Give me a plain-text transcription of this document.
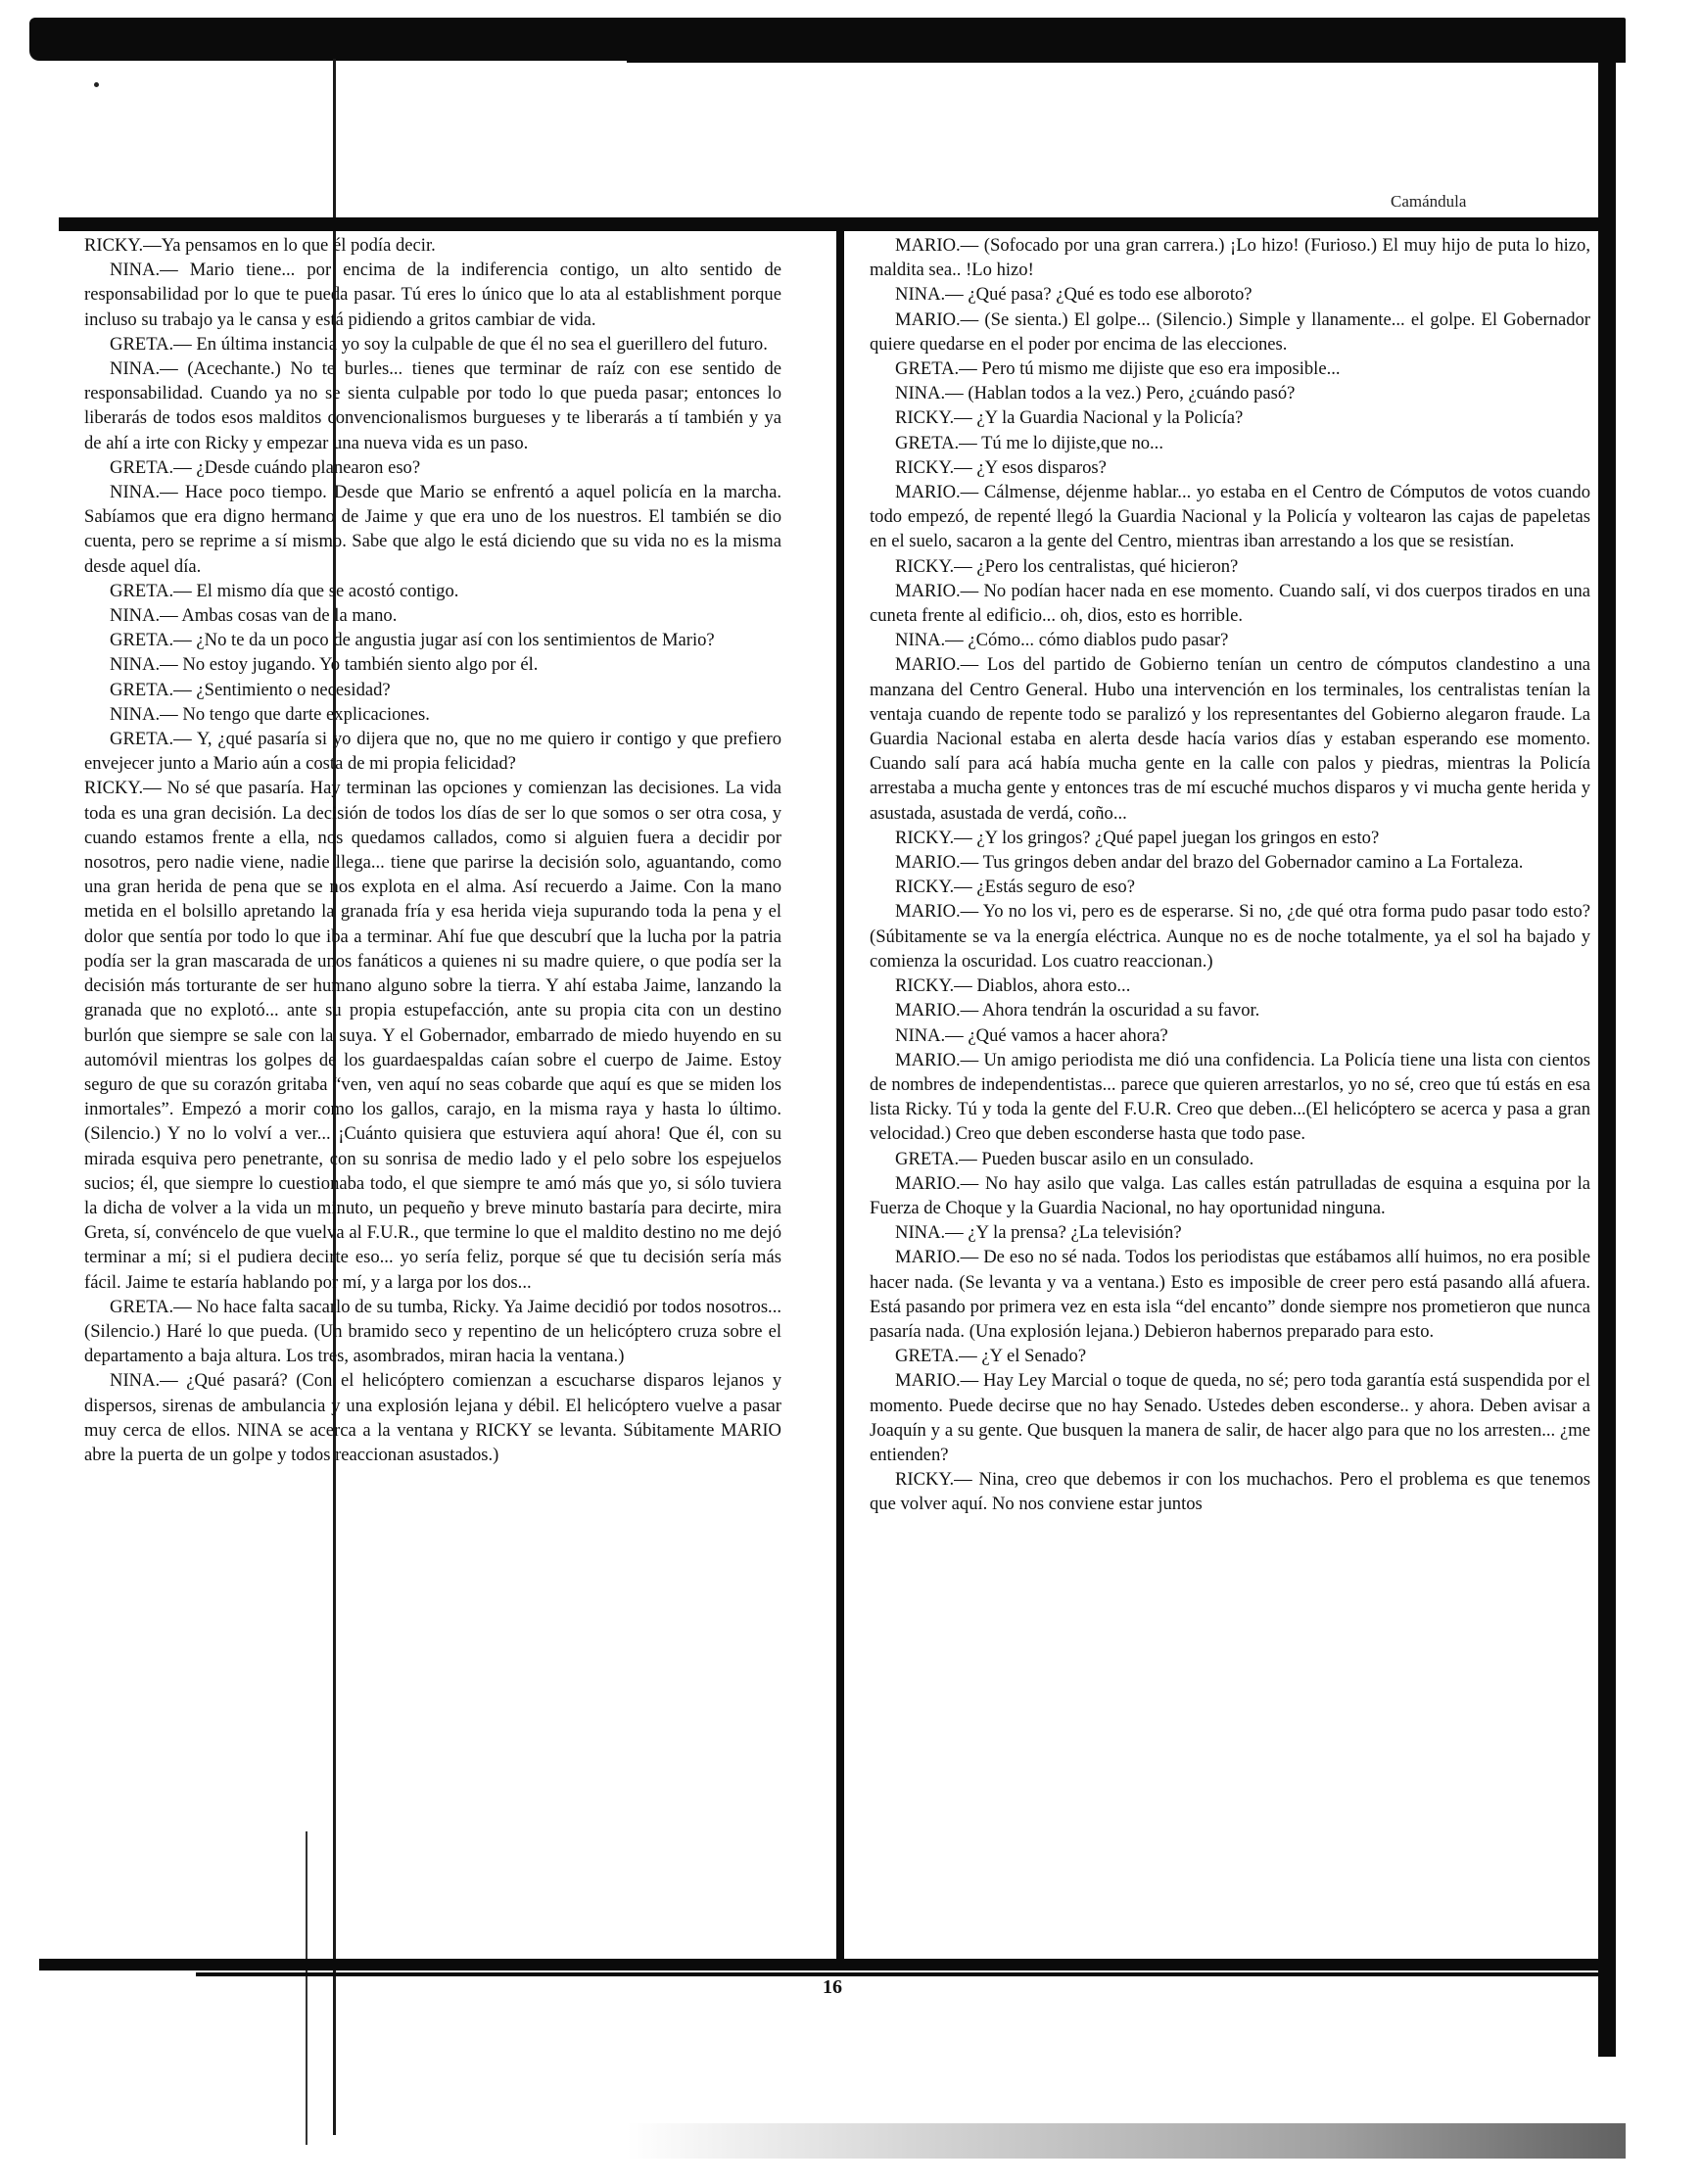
Camándula

RICKY.—Ya pensamos en lo que él podía decir.

NINA.— Mario tiene... por encima de la indiferencia contigo, un alto sentido de responsabilidad por lo que te pueda pasar. Tú eres lo único que lo ata al establishment porque incluso su trabajo ya le cansa y está pidiendo a gritos cambiar de vida.

GRETA.— En última instancia yo soy la culpable de que él no sea el guerillero del futuro.

NINA.— (Acechante.) No te burles... tienes que terminar de raíz con ese sentido de responsabilidad. Cuando ya no se sienta culpable por todo lo que pueda pasar; entonces lo liberarás de todos esos malditos convencionalismos burgueses y te liberarás a tí también y ya de ahí a irte con Ricky y empezar una nueva vida es un paso.

GRETA.— ¿Desde cuándo planearon eso?

NINA.— Hace poco tiempo. Desde que Mario se enfrentó a aquel policía en la marcha. Sabíamos que era digno hermano de Jaime y que era uno de los nuestros. El también se dio cuenta, pero se reprime a sí mismo. Sabe que algo le está diciendo que su vida no es la misma desde aquel día.

GRETA.— El mismo día que se acostó contigo.

NINA.— Ambas cosas van de la mano.

GRETA.— ¿No te da un poco de angustia jugar así con los sentimientos de Mario?

NINA.— No estoy jugando. Yo también siento algo por él.

GRETA.— ¿Sentimiento o necesidad?

NINA.— No tengo que darte explicaciones.

GRETA.— Y, ¿qué pasaría si yo dijera que no, que no me quiero ir contigo y que prefiero envejecer junto a Mario aún a costa de mi propia felicidad?

RICKY.— No sé que pasaría. Hay terminan las opciones y comienzan las decisiones. La vida toda es una gran decisión. La decisión de todos los días de ser lo que somos o ser otra cosa, y cuando estamos frente a ella, nos quedamos callados, como si alguien fuera a decidir por nosotros, pero nadie viene, nadie llega... tiene que parirse la decisión solo, aguantando, como una gran herida de pena que se nos explota en el alma. Así recuerdo a Jaime. Con la mano metida en el bolsillo apretando la granada fría y esa herida vieja supurando toda la pena y el dolor que sentía por todo lo que iba a terminar. Ahí fue que descubrí que la lucha por la patria podía ser la gran mascarada de unos fanáticos a quienes ni su madre quiere, o que podía ser la decisión más torturante de ser humano alguno sobre la tierra. Y ahí estaba Jaime, lanzando la granada que no explotó... ante su propia estupefacción, ante su propia cita con un destino burlón que siempre se sale con la suya. Y el Gobernador, embarrado de miedo huyendo en su automóvil mientras los golpes de los guardaespaldas caían sobre el cuerpo de Jaime. Estoy seguro de que su corazón gritaba “ven, ven aquí no seas cobarde que aquí es que se miden los inmortales”. Empezó a morir como los gallos, carajo, en la misma raya y hasta lo último. (Silencio.) Y no lo volví a ver... ¡Cuánto quisiera que estuviera aquí ahora! Que él, con su mirada esquiva pero penetrante, con su sonrisa de medio lado y el pelo sobre los espejuelos sucios; él, que siempre lo cuestionaba todo, el que siempre te amó más que yo, si sólo tuviera la dicha de volver a la vida un minuto, un pequeño y breve minuto bastaría para decirte, mira Greta, sí, convéncelo de que vuelva al F.U.R., que termine lo que el maldito destino no me dejó terminar a mí; si el pudiera decirte eso... yo sería feliz, porque sé que tu decisión sería más fácil. Jaime te estaría hablando por mí, y a larga por los dos...

GRETA.— No hace falta sacarlo de su tumba, Ricky. Ya Jaime decidió por todos nosotros... (Silencio.) Haré lo que pueda. (Un bramido seco y repentino de un helicóptero cruza sobre el departamento a baja altura. Los tres, asombrados, miran hacia la ventana.)

NINA.— ¿Qué pasará? (Con el helicóptero comienzan a escucharse disparos lejanos y dispersos, sirenas de ambulancia y una explosión lejana y débil. El helicóptero vuelve a pasar muy cerca de ellos. NINA se acerca a la ventana y RICKY se levanta. Súbitamente MARIO abre la puerta de un golpe y todos reaccionan asustados.)

MARIO.— (Sofocado por una gran carrera.) ¡Lo hizo! (Furioso.) El muy hijo de puta lo hizo, maldita sea.. !Lo hizo!

NINA.— ¿Qué pasa? ¿Qué es todo ese alboroto?

MARIO.— (Se sienta.) El golpe... (Silencio.) Simple y llanamente... el golpe. El Gobernador quiere quedarse en el poder por encima de las elecciones.

GRETA.— Pero tú mismo me dijiste que eso era imposible...

NINA.— (Hablan todos a la vez.) Pero, ¿cuándo pasó?

RICKY.— ¿Y la Guardia Nacional y la Policía?

GRETA.— Tú me lo dijiste,que no...

RICKY.— ¿Y esos disparos?

MARIO.— Cálmense, déjenme hablar... yo estaba en el Centro de Cómputos de votos cuando todo empezó, de repenté llegó la Guardia Nacional y la Policía y voltearon las cajas de papeletas en el suelo, sacaron a la gente del Centro, mientras iban arrestando a los que se resistían.

RICKY.— ¿Pero los centralistas, qué hicieron?

MARIO.— No podían hacer nada en ese momento. Cuando salí, vi dos cuerpos tirados en una cuneta frente al edificio... oh, dios, esto es horrible.

NINA.— ¿Cómo... cómo diablos pudo pasar?

MARIO.— Los del partido de Gobierno tenían un centro de cómputos clandestino a una manzana del Centro General. Hubo una intervención en los terminales, los centralistas tenían la ventaja cuando de repente todo se paralizó y los representantes del Gobierno alegaron fraude. La Guardia Nacional estaba en alerta desde hacía varios días y estaban esperando ese momento. Cuando salí para acá había mucha gente en la calle con palos y piedras, mientras la Policía arrestaba a mucha gente y entonces tras de mí escuché muchos disparos y vi mucha gente herida y asustada, asustada de verdá, coño...

RICKY.— ¿Y los gringos? ¿Qué papel juegan los gringos en esto?

MARIO.— Tus gringos deben andar del brazo del Gobernador camino a La Fortaleza.

RICKY.— ¿Estás seguro de eso?

MARIO.— Yo no los vi, pero es de esperarse. Si no, ¿de qué otra forma pudo pasar todo esto? (Súbitamente se va la energía eléctrica. Aunque no es de noche totalmente, ya el sol ha bajado y comienza la oscuridad. Los cuatro reaccionan.)

RICKY.— Diablos, ahora esto...

MARIO.— Ahora tendrán la oscuridad a su favor.

NINA.— ¿Qué vamos a hacer ahora?

MARIO.— Un amigo periodista me dió una confidencia. La Policía tiene una lista con cientos de nombres de independentistas... parece que quieren arrestarlos, yo no sé, creo que tú estás en esa lista Ricky. Tú y toda la gente del F.U.R. Creo que deben...(El helicóptero se acerca y pasa a gran velocidad.) Creo que deben esconderse hasta que todo pase.

GRETA.— Pueden buscar asilo en un consulado.

MARIO.— No hay asilo que valga. Las calles están patrulladas de esquina a esquina por la Fuerza de Choque y la Guardia Nacional, no hay oportunidad ninguna.

NINA.— ¿Y la prensa? ¿La televisión?

MARIO.— De eso no sé nada. Todos los periodistas que estábamos allí huimos, no era posible hacer nada. (Se levanta y va a ventana.) Esto es imposible de creer pero está pasando allá afuera. Está pasando por primera vez en esta isla “del encanto” donde siempre nos prometieron que nunca pasaría nada. (Una explosión lejana.) Debieron habernos preparado para esto.

GRETA.— ¿Y el Senado?

MARIO.— Hay Ley Marcial o toque de queda, no sé; pero toda garantía está suspendida por el momento. Puede decirse que no hay Senado. Ustedes deben esconderse.. y ahora. Deben avisar a Joaquín y a su gente. Que busquen la manera de salir, de hacer algo para que no los arresten... ¿me entienden?

RICKY.— Nina, creo que debemos ir con los muchachos. Pero el problema es que tenemos que volver aquí. No nos conviene estar juntos

16
